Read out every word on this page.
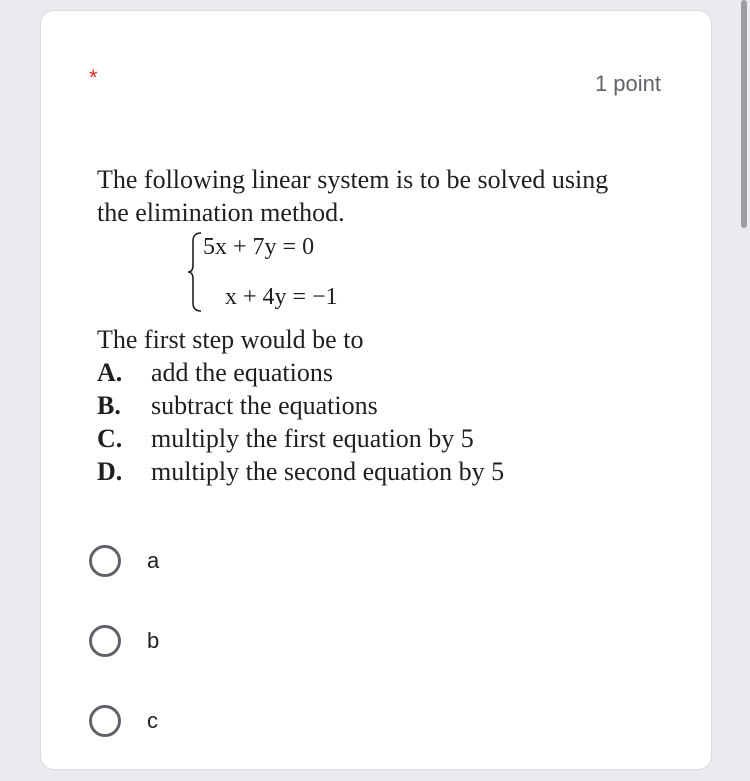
*	1 point
The following linear system is to be solved using
the elimination method.
5x + 7y = 0
x + 4y = −1
The first step would be to
A.	add the equations
B.	subtract the equations
C.	multiply the first equation by 5
D.	multiply the second equation by 5
a
b
c
